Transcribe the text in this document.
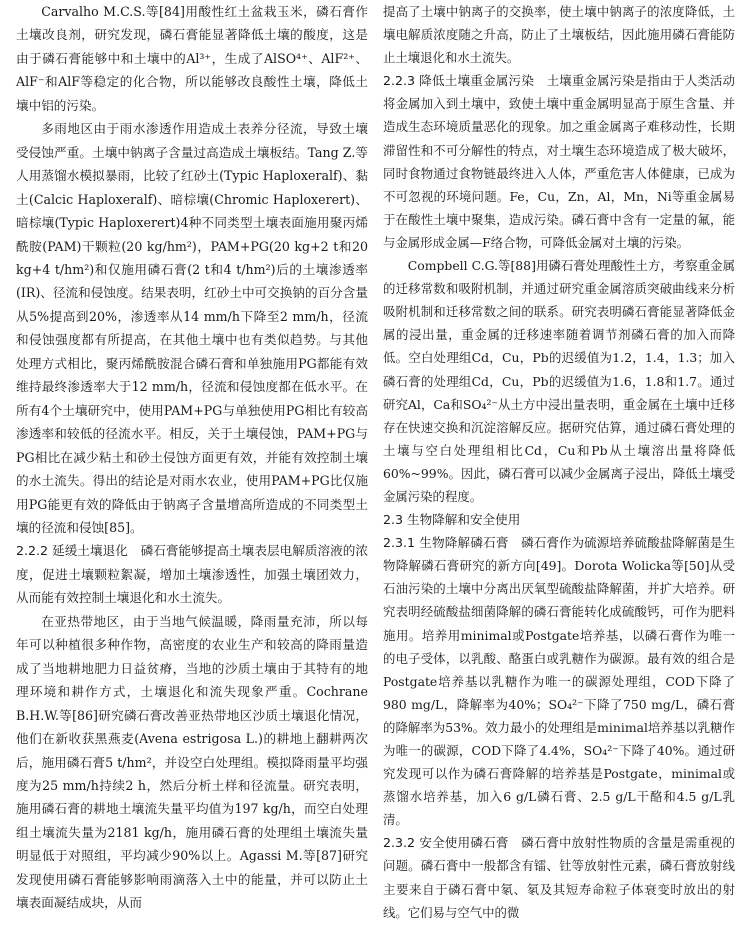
Carvalho M.C.S.等[84]用酸性红土盆栽玉米，磷石膏作土壤改良剂，研究发现，磷石膏能显著降低土壤的酸度，这是由于磷石膏能够中和土壤中的Al³⁺，生成了AlSO⁴⁺、AlF²⁺、AlF⁻和AlF等稳定的化合物，所以能够改良酸性土壤，降低土壤中铝的污染。

多雨地区由于雨水渗透作用造成土表养分径流，导致土壤受侵蚀严重。土壤中钠离子含量过高造成土壤板结。Tang Z.等人用蒸馏水模拟暴雨，比较了红砂土(Typic Haploxeralf)、黏土(Calcic Haploxeralf)、暗棕壤(Chromic Haploxerert)、暗棕壤(Typic Haploxerert)4种不同类型土壤表面施用聚丙烯酰胺(PAM)干颗粒(20 kg/hm²)，PAM+PG(20 kg+2 t和20 kg+4 t/hm²)和仅施用磷石膏(2 t和4 t/hm²)后的土壤渗透率(IR)、径流和侵蚀度。结果表明，红砂土中可交换钠的百分含量从5%提高到20%，渗透率从14 mm/h下降至2 mm/h，径流和侵蚀强度都有所提高，在其他土壤中也有类似趋势。与其他处理方式相比，聚丙烯酰胺混合磷石膏和单独施用PG都能有效维持最终渗透率大于12 mm/h，径流和侵蚀度都在低水平。在所有4个土壤研究中，使用PAM+PG与单独使用PG相比有较高渗透率和较低的径流水平。相反，关于土壤侵蚀，PAM+PG与PG相比在减少粘土和砂土侵蚀方面更有效，并能有效控制土壤的水土流失。得出的结论是对雨水农业，使用PAM+PG比仅施用PG能更有效的降低由于钠离子含量增高所造成的不同类型土壤的径流和侵蚀[85]。

2.2.2 延缓土壤退化　 磷石膏能够提高土壤表层电解质溶液的浓度，促进土壤颗粒絮凝，增加土壤渗透性，加强土壤团效力，从而能有效控制土壤退化和水土流失。

在亚热带地区，由于当地气候温暖，降雨量充沛，所以每年可以种植很多种作物，高密度的农业生产和较高的降雨量造成了当地耕地肥力日益贫瘠，当地的沙质土壤由于其特有的地理环境和耕作方式，土壤退化和流失现象严重。Cochrane B.H.W.等[86]研究磷石膏改善亚热带地区沙质土壤退化情况，他们在新收获黑燕麦(Avena estrigosa L.)的耕地上翻耕两次后，施用磷石膏5 t/hm²，并设空白处理组。模拟降雨量平均强度为25 mm/h持续2 h，然后分析土样和径流量。研究表明，施用磷石膏的耕地土壤流失量平均值为197 kg/h，而空白处理组土壤流失量为2181 kg/h，施用磷石膏的处理组土壤流失量明显低于对照组，平均减少90%以上。Agassi M.等[87]研究发现使用磷石膏能够影响雨滴落入土中的能量，并可以防止土壤表面凝结成块，从而

提高了土壤中钠离子的交换率，使土壤中钠离子的浓度降低，土壤电解质浓度随之升高，防止了土壤板结，因此施用磷石膏能防止土壤退化和水土流失。

2.2.3 降低土壤重金属污染　 土壤重金属污染是指由于人类活动将金属加入到土壤中，致使土壤中重金属明显高于原生含量、并造成生态环境质量恶化的现象。加之重金属离子难移动性，长期滞留性和不可分解性的特点，对土壤生态环境造成了极大破坏，同时食物通过食物链最终进入人体，严重危害人体健康，已成为不可忽视的环境问题。Fe，Cu，Zn，Al，Mn，Ni等重金属易于在酸性土壤中聚集，造成污染。磷石膏中含有一定量的氟，能与金属形成金属—F络合物，可降低金属对土壤的污染。

Compbell C.G.等[88]用磷石膏处理酸性土方，考察重金属的迁移常数和吸附机制，并通过研究重金属溶质突破曲线来分析吸附机制和迁移常数之间的联系。研究表明磷石膏能显著降低金属的浸出量，重金属的迁移速率随着调节剂磷石膏的加入而降低。空白处理组Cd，Cu，Pb的迟缓值为1.2，1.4，1.3；加入磷石膏的处理组Cd，Cu，Pb的迟缓值为1.6，1.8和1.7。通过研究Al，Ca和SO₄²⁻从土方中浸出量表明，重金属在土壤中迁移存在快速交换和沉淀溶解反应。据研究估算，通过磷石膏处理的土壤与空白处理组相比Cd，Cu和Pb从土壤溶出量将降低60%~99%。因此，磷石膏可以减少金属离子浸出，降低土壤受金属污染的程度。

2.3 生物降解和安全使用

2.3.1 生物降解磷石膏　 磷石膏作为硫源培养硫酸盐降解菌是生物降解磷石膏研究的新方向[49]。Dorota Wolicka等[50]从受石油污染的土壤中分离出厌氧型硫酸盐降解菌，并扩大培养。研究表明经硫酸盐细菌降解的磷石膏能转化成硫酸钙，可作为肥料施用。培养用minimal或Postgate培养基，以磷石膏作为唯一的电子受体，以乳酸、酪蛋白或乳糖作为碳源。最有效的组合是Postgate培养基以乳糖作为唯一的碳源处理组，COD下降了980 mg/L，降解率为40%；SO₄²⁻下降了750 mg/L，磷石膏的降解率为53%。效力最小的处理组是minimal培养基以乳糖作为唯一的碳源，COD下降了4.4%，SO₄²⁻下降了40%。通过研究发现可以作为磷石膏降解的培养基是Postgate，minimal或蒸馏水培养基，加入6 g/L磷石膏、2.5 g/L干酪和4.5 g/L乳清。

2.3.2 安全使用磷石膏　 磷石膏中放射性物质的含量是需重视的问题。磷石膏中一般都含有镭、钍等放射性元素，磷石膏放射线主要来自于磷石膏中氡、氡及其短寿命粒子体衰变时放出的射线。它们易与空气中的微
